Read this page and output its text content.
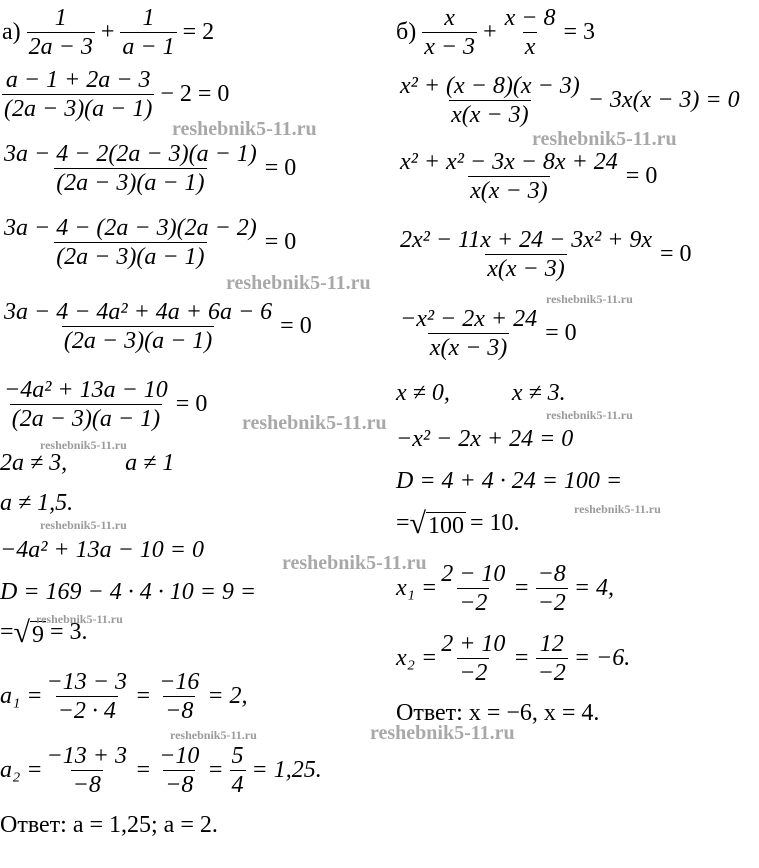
$а) \frac{1}{2a - 3} + \frac{1}{a - 1} = 2$
$\frac{a - 1 + 2a - 3}{(2a - 3)(a - 1)} - 2 = 0$
$\frac{3a - 4 - 2(2a - 3)(a - 1)}{(2a - 3)(a - 1)} = 0$
$\frac{3a - 4 - (2a - 3)(2a - 2)}{(2a - 3)(a - 1)} = 0$
$\frac{\text{3a − 4 − 4a² + 4a + 6a − 6}}{(2a - 3)(a - 1)} = 0$
$\frac{\text{−4a² + 13a − 10}}{(2a - 3)(a - 1)} = 0$
2a ≠ 3, a ≠ 1
a ≠ 1,5.
−4a² + 13a − 10 = 0
D = 169 − 4 · 4 · 10 = 9 =
= √ 9 = 3.
$a_1 = \frac{-13 - 3}{-2 \cdot 4} = \frac{-16}{-8} = 2$,
$a_2 = \frac{-13 + 3}{-8} = \frac{-10}{-8} = \frac{5}{4} = 1,25$.
Ответ: a = 1,25; a = 2.
$б) \frac{x}{x - 3} + \frac{x - 8}{x} = 3$
$\frac{\text{x² + (x − 8)(x − 3)}}{x(x - 3)} - 3x(x - 3) = 0$
$\frac{\text{x² + x² − 3x − 8x + 24}}{x(x - 3)} = 0$
$\frac{\text{2x² − 11x + 24 − 3x² + 9x}}{x(x - 3)} = 0$
$\frac{\text{−x² − 2x + 24}}{x(x - 3)} = 0$
x ≠ 0,	x ≠ 3.
−x² − 2x + 24 = 0
D = 4 + 4 · 24 = 100 =
= √ 100 = 10.
$x_1 = \frac{2 - 10}{-2} = \frac{-8}{-2} = 4$,
$x_2 = \frac{2 + 10}{-2} = \frac{12}{-2} = -6$.
Ответ: x = −6, x = 4.
reshebnik5-11.ru
reshebnik5-11.ru
reshebnik5-11.ru
reshebnik5-11.ru
reshebnik5-11.ru
reshebnik5-11.ru
reshebnik5-11.ru
reshebnik5-11.ru
reshebnik5-11.ru
reshebnik5-11.ru
reshebnik5-11.ru
reshebnik5-11.ru
reshebnik5-11.ru
